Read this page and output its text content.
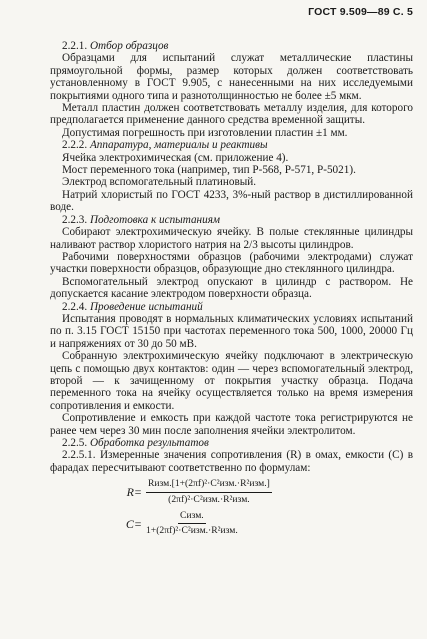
ГОСТ 9.509—89 С. 5

2.2.1. Отбор образцов

Образцами для испытаний служат металлические пластины прямоугольной формы, размер которых должен соответствовать установленному в ГОСТ 9.905, с нанесенными на них исследуемыми покрытиями одного типа и разнотолщинностью не более ±5 мкм.

Металл пластин должен соответствовать металлу изделия, для которого предполагается применение данного средства временной защиты.

Допустимая погрешность при изготовлении пластин ±1 мм.

2.2.2. Аппаратура, материалы и реактивы

Ячейка электрохимическая (см. приложение 4).

Мост переменного тока (например, тип Р-568, Р-571, Р-5021).

Электрод вспомогательный платиновый.

Натрий хлористый по ГОСТ 4233, 3%-ный раствор в дистиллированной воде.

2.2.3. Подготовка к испытаниям

Собирают электрохимическую ячейку. В полые стеклянные цилиндры наливают раствор хлористого натрия на 2/3 высоты цилиндров.

Рабочими поверхностями образцов (рабочими электродами) служат участки поверхности образцов, образующие дно стеклянного цилиндра.

Вспомогательный электрод опускают в цилиндр с раствором. Не допускается касание электродом поверхности образца.

2.2.4. Проведение испытаний

Испытания проводят в нормальных климатических условиях испытаний по п. 3.15 ГОСТ 15150 при частотах переменного тока 500, 1000, 20000 Гц и напряжениях от 30 до 50 мВ.

Собранную электрохимическую ячейку подключают в электрическую цепь с помощью двух контактов: один — через вспомогательный электрод, второй — к зачищенному от покрытия участку образца. Подача переменного тока на ячейку осуществляется только на время измерения сопротивления и емкости.

Сопротивление и емкость при каждой частоте тока регистрируются не ранее чем через 30 мин после заполнения ячейки электролитом.

2.2.5. Обработка результатов

2.2.5.1. Измеренные значения сопротивления (R) в омах, емкости (C) в фарадах пересчитывают соответственно по формулам:

$R= \frac{\text{Rизм.[1+(2πf)²·C²изм.·R²изм.]}}{\text{(2πf)²·C²изм.·R²изм.}}$
$C= \frac{\text{Cизм.}}{\text{1+(2πf)²·C²изм.·R²изм.}}$
